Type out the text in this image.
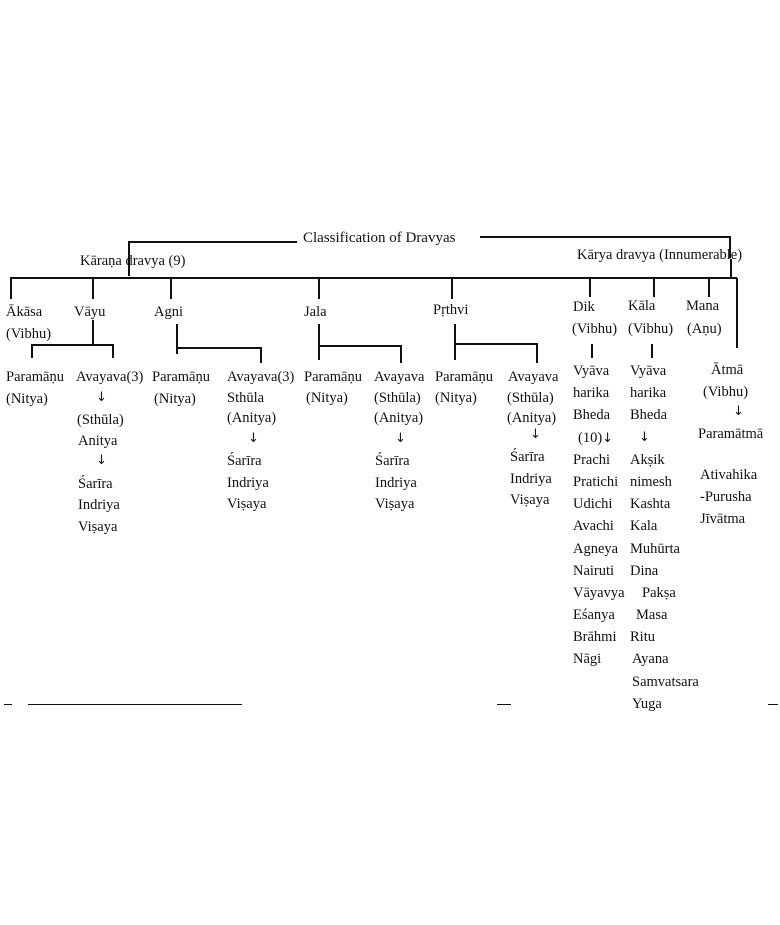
Classification of Dravyas
Kāraṇa dravya (9)	Kārya dravya (Innumerable)
Ākāsa
(Vibhu)
Vāyu	Agni	Jala	Pṛthvi	Dik
(Vibhu)
Kāla
(Vibhu)
Mana
(Aṇu)
Ātmā
(Vibhu)
Paramāṇu
(Nitya)
Avayava(3)
↓
(Sthūla)
Anitya
↓
Śarīra
Indriya
Viṣaya
Paramāṇu
(Nitya)
Avayava(3)
Sthūla
(Anitya)
↓
Śarīra
Indriya
Viṣaya
Paramāṇu
(Nitya)
Avayava
(Sthūla)
(Anitya)
↓
Śarīra
Indriya
Viṣaya
Paramāṇu
(Nitya)
Avayava
(Sthūla)
(Anitya)
↓
Śarīra
Indriya
Viṣaya
Vyāva
harika
Bheda
(10)↓
Prachi
Pratichi
Udichi
Avachi
Agneya
Nairuti
Vāyavya
Eśanya
Brāhmi
Nāgi
Vyāva
harika
Bheda
↓
Akṣik
nimesh
Kashta
Kala
Muhūrta
Dina
Pakṣa
Masa
Ritu
Ayana
Samvatsara
Yuga
↓
Paramātmā
Ativahika
-Purusha
Jīvātma
